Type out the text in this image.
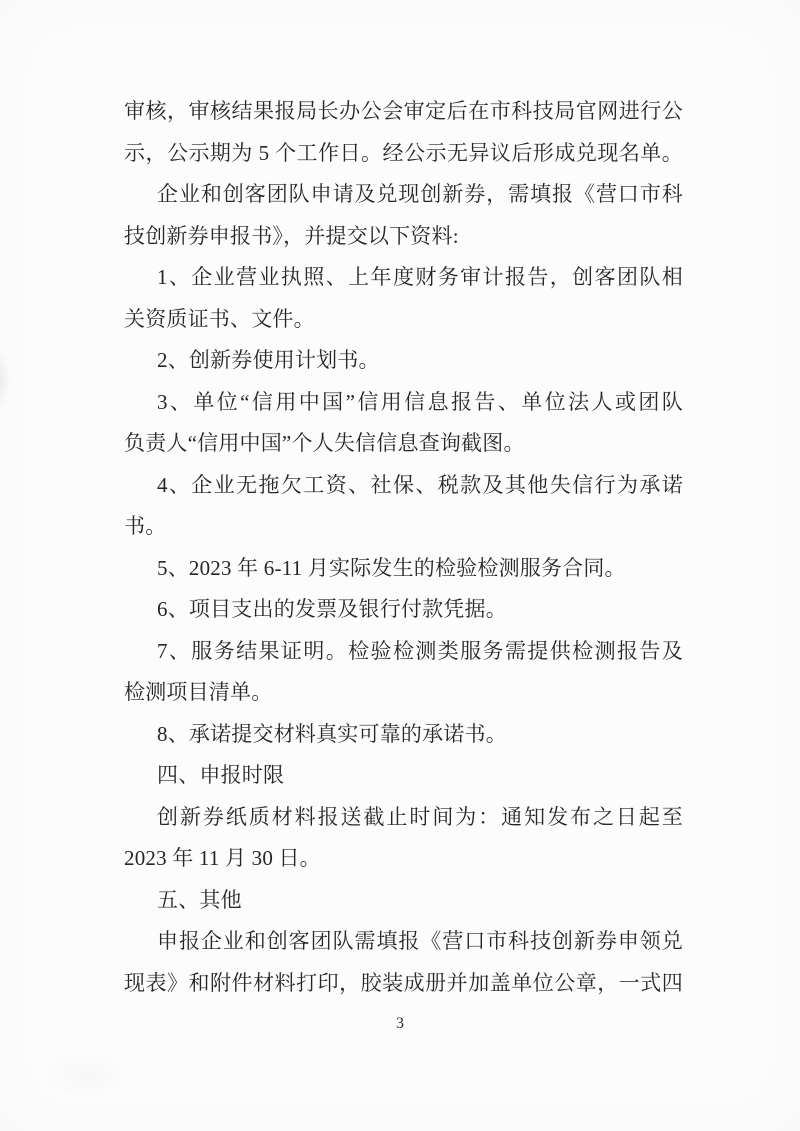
审核，审核结果报局长办公会审定后在市科技局官网进行公

示，公示期为 5 个工作日。经公示无异议后形成兑现名单。

企业和创客团队申请及兑现创新券，需填报《营口市科

技创新券申报书》，并提交以下资料:

1、企业营业执照、上年度财务审计报告，创客团队相

关资质证书、文件。

2、创新券使用计划书。

3、单位“信用中国”信用信息报告、单位法人或团队

负责人“信用中国”个人失信信息查询截图。

4、企业无拖欠工资、社保、税款及其他失信行为承诺

书。

5、2023 年 6-11 月实际发生的检验检测服务合同。

6、项目支出的发票及银行付款凭据。

7、服务结果证明。检验检测类服务需提供检测报告及

检测项目清单。

8、承诺提交材料真实可靠的承诺书。

四、申报时限

创新券纸质材料报送截止时间为：通知发布之日起至

2023 年 11 月 30 日。

五、其他

申报企业和创客团队需填报《营口市科技创新券申领兑

现表》和附件材料打印，胶装成册并加盖单位公章，一式四

3
